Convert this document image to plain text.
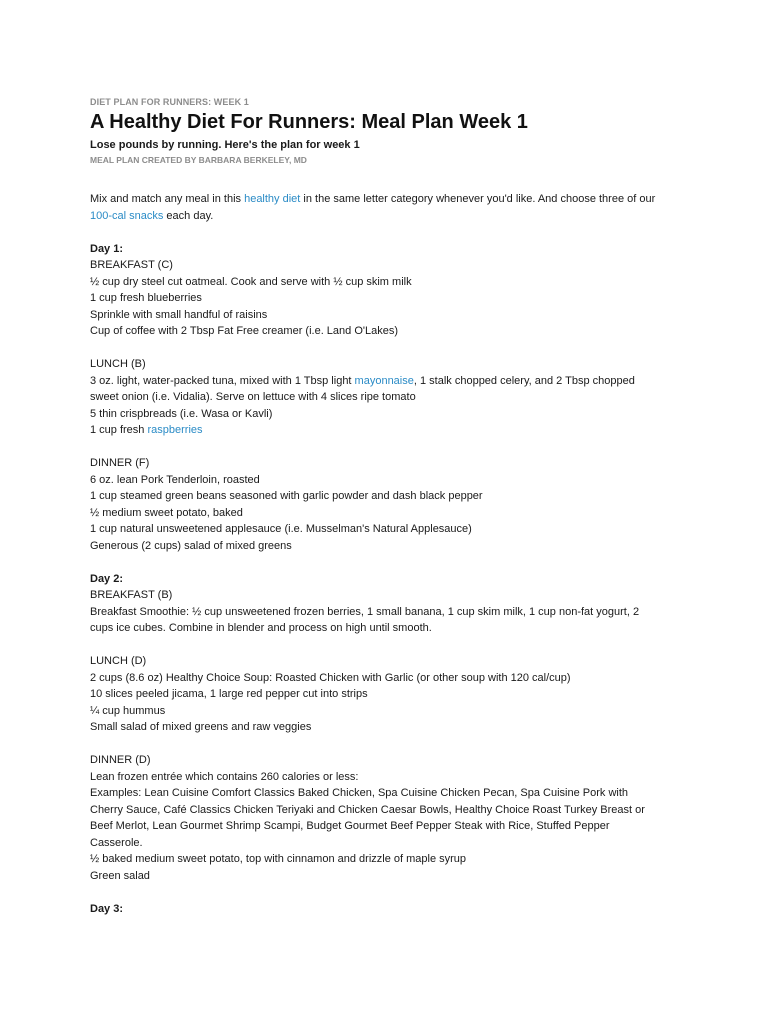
DIET PLAN FOR RUNNERS: WEEK 1
A Healthy Diet For Runners: Meal Plan Week 1
Lose pounds by running. Here's the plan for week 1
MEAL PLAN CREATED BY BARBARA BERKELEY, MD
Mix and match any meal in this healthy diet in the same letter category whenever you'd like. And choose three of our
100-cal snacks each day.
Day 1:
BREAKFAST (C)
½ cup dry steel cut oatmeal. Cook and serve with ½ cup skim milk
1 cup fresh blueberries
Sprinkle with small handful of raisins
Cup of coffee with 2 Tbsp Fat Free creamer (i.e. Land O'Lakes)
LUNCH (B)
3 oz. light, water-packed tuna, mixed with 1 Tbsp light mayonnaise, 1 stalk chopped celery, and 2 Tbsp chopped
sweet onion (i.e. Vidalia). Serve on lettuce with 4 slices ripe tomato
5 thin crispbreads (i.e. Wasa or Kavli)
1 cup fresh raspberries
DINNER (F)
6 oz. lean Pork Tenderloin, roasted
1 cup steamed green beans seasoned with garlic powder and dash black pepper
½ medium sweet potato, baked
1 cup natural unsweetened applesauce (i.e. Musselman's Natural Applesauce)
Generous (2 cups) salad of mixed greens
Day 2:
BREAKFAST (B)
Breakfast Smoothie: ½ cup unsweetened frozen berries, 1 small banana, 1 cup skim milk, 1 cup non-fat yogurt, 2
cups ice cubes. Combine in blender and process on high until smooth.
LUNCH (D)
2 cups (8.6 oz) Healthy Choice Soup: Roasted Chicken with Garlic (or other soup with 120 cal/cup)
10 slices peeled jicama, 1 large red pepper cut into strips
¼ cup hummus
Small salad of mixed greens and raw veggies
DINNER (D)
Lean frozen entrée which contains 260 calories or less:
Examples: Lean Cuisine Comfort Classics Baked Chicken, Spa Cuisine Chicken Pecan, Spa Cuisine Pork with
Cherry Sauce, Café Classics Chicken Teriyaki and Chicken Caesar Bowls, Healthy Choice Roast Turkey Breast or
Beef Merlot, Lean Gourmet Shrimp Scampi, Budget Gourmet Beef Pepper Steak with Rice, Stuffed Pepper
Casserole.
½ baked medium sweet potato, top with cinnamon and drizzle of maple syrup
Green salad
Day 3:
